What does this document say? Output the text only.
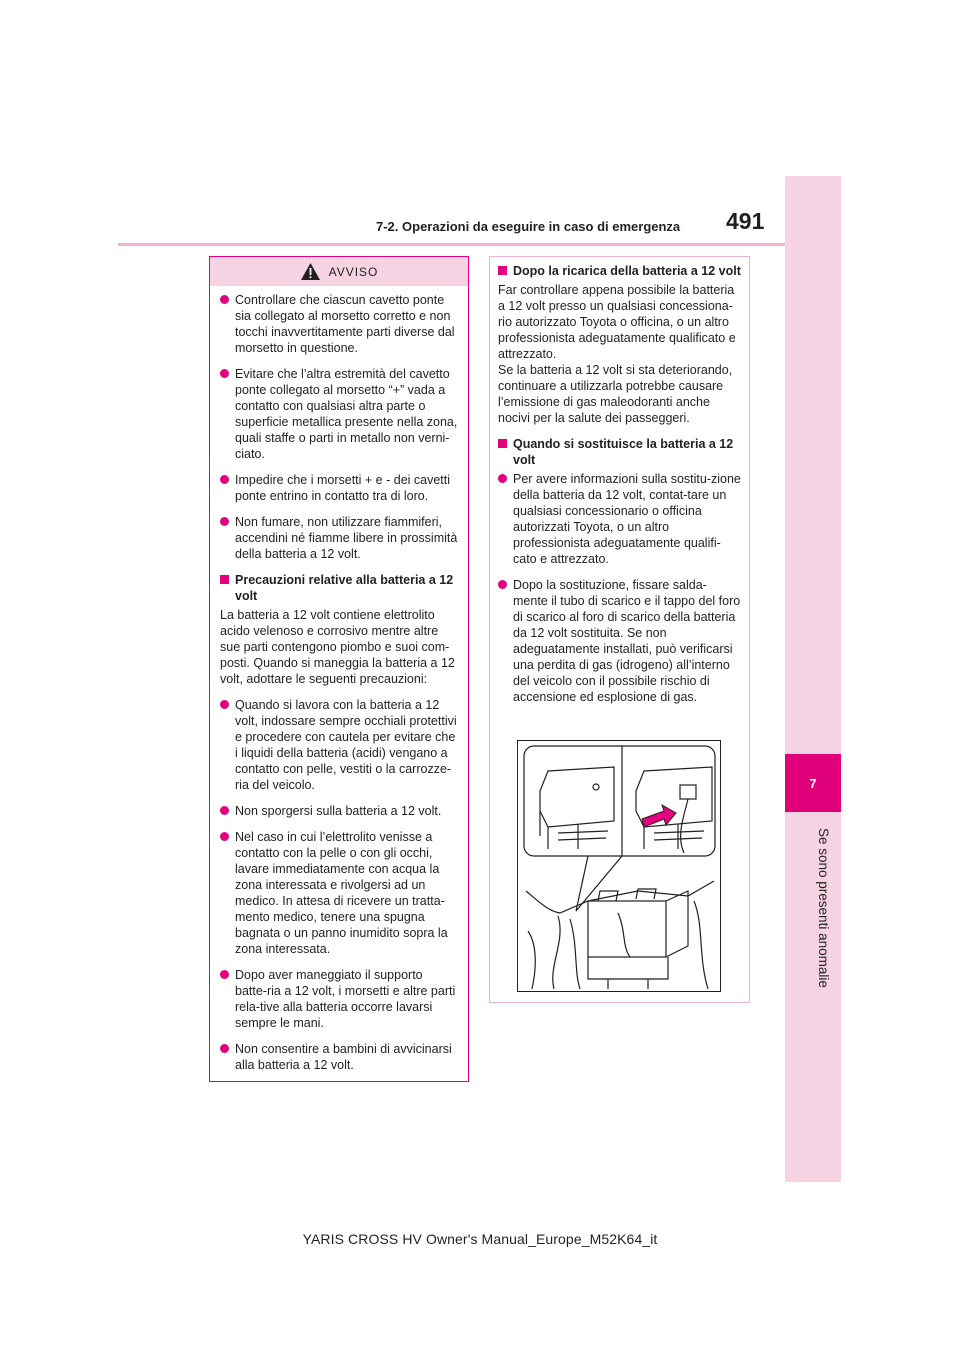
7
Se sono presenti anomalie
7-2. Operazioni da eseguire in caso di emergenza 491
AVVISO
Controllare che ciascun cavetto ponte sia collegato al morsetto corretto e non tocchi inavvertitamente parti diverse dal morsetto in questione.
Evitare che l’altra estremità del cavetto ponte collegato al morsetto “+” vada a contatto con qualsiasi altra parte o superficie metallica presente nella zona, quali staffe o parti in metallo non verni-ciato.
Impedire che i morsetti + e - dei cavetti ponte entrino in contatto tra di loro.
Non fumare, non utilizzare fiammiferi, accendini né fiamme libere in prossimità della batteria a 12 volt.
Precauzioni relative alla batteria a 12 volt
La batteria a 12 volt contiene elettrolito acido velenoso e corrosivo mentre altre sue parti contengono piombo e suoi com-posti. Quando si maneggia la batteria a 12 volt, adottare le seguenti precauzioni:
Quando si lavora con la batteria a 12 volt, indossare sempre occhiali protettivi e procedere con cautela per evitare che i liquidi della batteria (acidi) vengano a contatto con pelle, vestiti o la carrozze-ria del veicolo.
Non sporgersi sulla batteria a 12 volt.
Nel caso in cui l’elettrolito venisse a contatto con la pelle o con gli occhi, lavare immediatamente con acqua la zona interessata e rivolgersi ad un medico. In attesa di ricevere un tratta-mento medico, tenere una spugna bagnata o un panno inumidito sopra la zona interessata.
Dopo aver maneggiato il supporto batte-ria a 12 volt, i morsetti e altre parti rela-tive alla batteria occorre lavarsi sempre le mani.
Non consentire a bambini di avvicinarsi alla batteria a 12 volt.
Dopo la ricarica della batteria a 12 volt
Far controllare appena possibile la batteria a 12 volt presso un qualsiasi concessiona-rio autorizzato Toyota o officina, o un altro professionista adeguatamente qualificato e attrezzato.
Se la batteria a 12 volt si sta deteriorando, continuare a utilizzarla potrebbe causare l’emissione di gas maleodoranti anche nocivi per la salute dei passeggeri.
Quando si sostituisce la batteria a 12 volt
Per avere informazioni sulla sostitu-zione della batteria da 12 volt, contat-tare un qualsiasi concessionario o officina autorizzati Toyota, o un altro professionista adeguatamente qualifi-cato e attrezzato.
Dopo la sostituzione, fissare salda-mente il tubo di scarico e il tappo del foro di scarico al foro di scarico della batteria da 12 volt sostituita. Se non adeguatamente installati, può verificarsi una perdita di gas (idrogeno) all’interno del veicolo con il possibile rischio di accensione ed esplosione di gas.
YARIS CROSS HV Owner's Manual_Europe_M52K64_it
